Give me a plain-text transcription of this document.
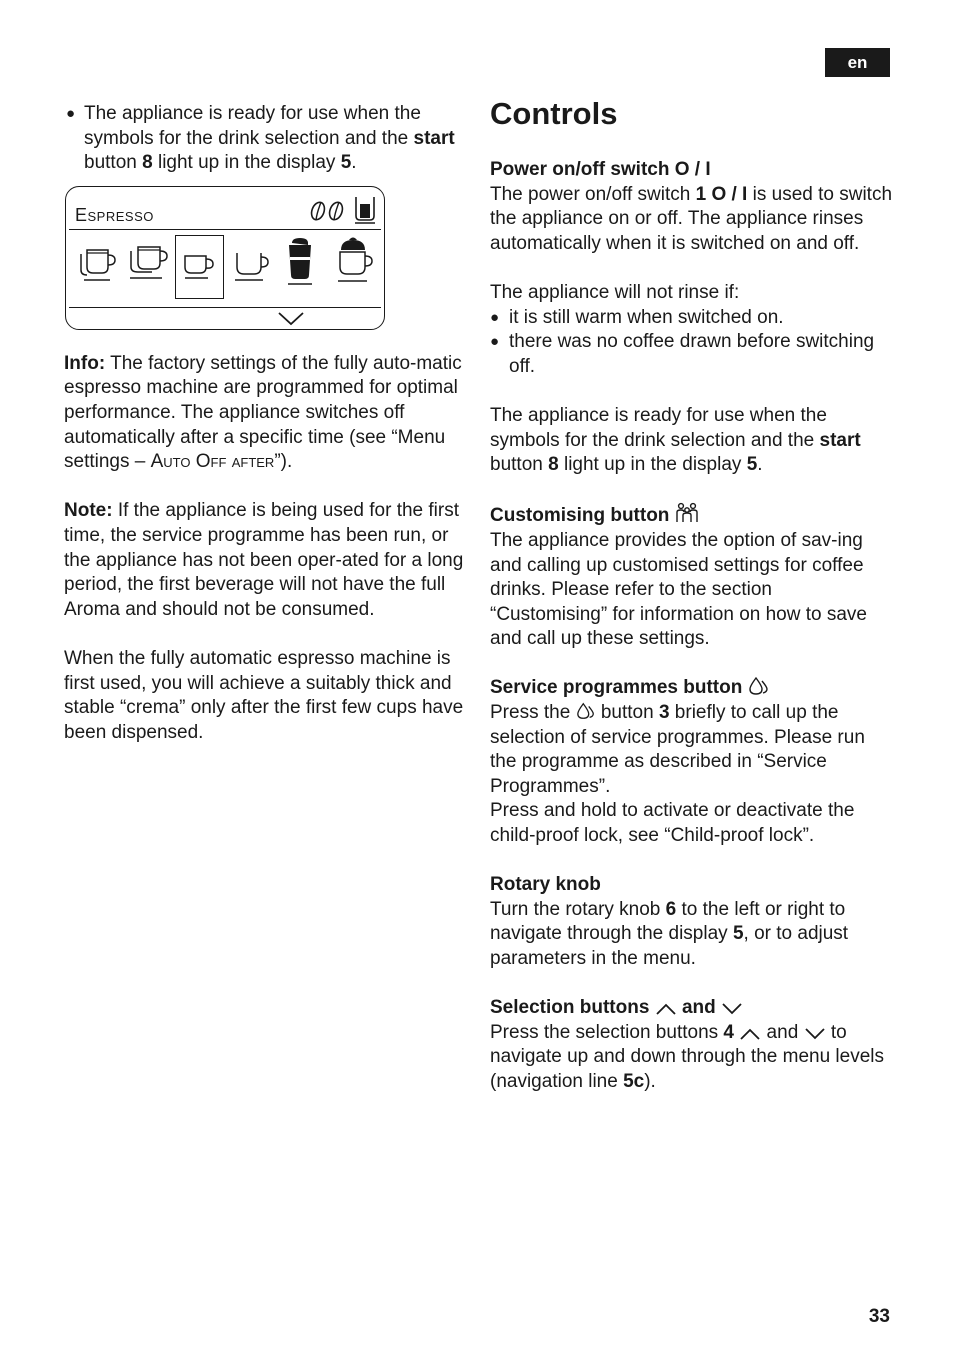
en

● The appliance is ready for use when the symbols for the drink selection and the start button 8 light up in the display 5.

Espresso

Info: The factory settings of the fully auto-matic espresso machine are programmed for optimal performance. The appliance switches off automatically after a specific time (see “Menu settings – Auto Off after”).

Note: If the appliance is being used for the first time, the service programme has been run, or the appliance has not been oper-ated for a long period, the first beverage will not have the full Aroma and should not be consumed.

When the fully automatic espresso machine is first used, you will achieve a suitably thick and stable “crema” only after the first few cups have been dispensed.

Controls

Power on/off switch O / I

The power on/off switch 1 O / I is used to switch the appliance on or off. The appliance rinses automatically when it is switched on and off.

The appliance will not rinse if:

● it is still warm when switched on.

● there was no coffee drawn before switching off.

The appliance is ready for use when the symbols for the drink selection and the start button 8 light up in the display 5.

Customising button

The appliance provides the option of sav-ing and calling up customised settings for coffee drinks. Please refer to the section “Customising” for information on how to save and call up these settings.

Service programmes button

Press the  button 3 briefly to call up the selection of service programmes. Please run the programme as described in “Service Programmes”.

Press and hold to activate or deactivate the child-proof lock, see “Child-proof lock”.

Rotary knob

Turn the rotary knob 6 to the left or right to navigate through the display 5, or to adjust parameters in the menu.

Selection buttons and

Press the selection buttons 4  and  to navigate up and down through the menu levels (navigation line 5c).

33
